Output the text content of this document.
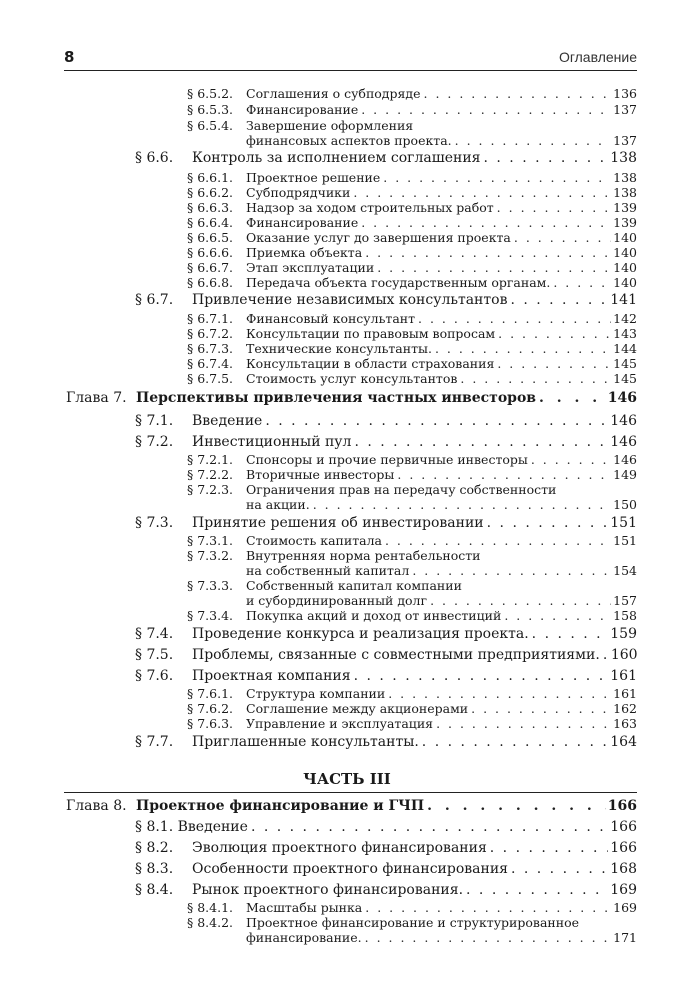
8	Оглавление
§ 6.5.2. Соглашения о субподряде . . .	136
§ 6.5.3. Финансирование . . .	137
§ 6.5.4. Завершение оформления
финансовых аспектов проекта. . . .	137
§ 6.6. Контроль за исполнением соглашения . . .	138
§ 6.6.1. Проектное решение . . .	138
§ 6.6.2. Субподрядчики . . .	138
§ 6.6.3. Надзор за ходом строительных работ . . .	139
§ 6.6.4. Финансирование . . .	139
§ 6.6.5. Оказание услуг до завершения проекта . . .	140
§ 6.6.6. Приемка объекта . . .	140
§ 6.6.7. Этап эксплуатации . . .	140
§ 6.6.8. Передача объекта государственным органам. . . .	140
§ 6.7. Привлечение независимых консультантов . . .	141
§ 6.7.1. Финансовый консультант . . .	142
§ 6.7.2. Консультации по правовым вопросам . . .	143
§ 6.7.3. Технические консультанты. . . .	144
§ 6.7.4. Консультации в области страхования . . .	145
§ 6.7.5. Стоимость услуг консультантов . . .	145
Глава 7. Перспективы привлечения частных инвесторов . . .	146
§ 7.1. Введение . . .	146
§ 7.2. Инвестиционный пул . . .	146
§ 7.2.1. Спонсоры и прочие первичные инвесторы . . .	146
§ 7.2.2. Вторичные инвесторы . . .	149
§ 7.2.3. Ограничения прав на передачу собственности
на акции. . . .	150
§ 7.3. Принятие решения об инвестировании . . .	151
§ 7.3.1. Стоимость капитала . . .	151
§ 7.3.2. Внутренняя норма рентабельности
на собственный капитал . . .	154
§ 7.3.3. Собственный капитал компании
и субординированный долг . . .	157
§ 7.3.4. Покупка акций и доход от инвестиций . . .	158
§ 7.4. Проведение конкурса и реализация проекта. . . .	159
§ 7.5. Проблемы, связанные с совместными предприятиями. . . . 160
§ 7.6. Проектная компания . . .	161
§ 7.6.1. Структура компании . . .	161
§ 7.6.2. Соглашение между акционерами . . .	162
§ 7.6.3. Управление и эксплуатация . . .	163
§ 7.7. Приглашенные консультанты. . . .	164
ЧАСТЬ III
Глава 8. Проектное финансирование и ГЧП . . .	166
§ 8.1. Введение . . .	166
§ 8.2. Эволюция проектного финансирования . . .	166
§ 8.3. Особенности проектного финансирования . . .	168
§ 8.4. Рынок проектного финансирования. . . .	169
§ 8.4.1. Масштабы рынка . . .	169
§ 8.4.2. Проектное финансирование и структурированное
финансирование. . . .	171
